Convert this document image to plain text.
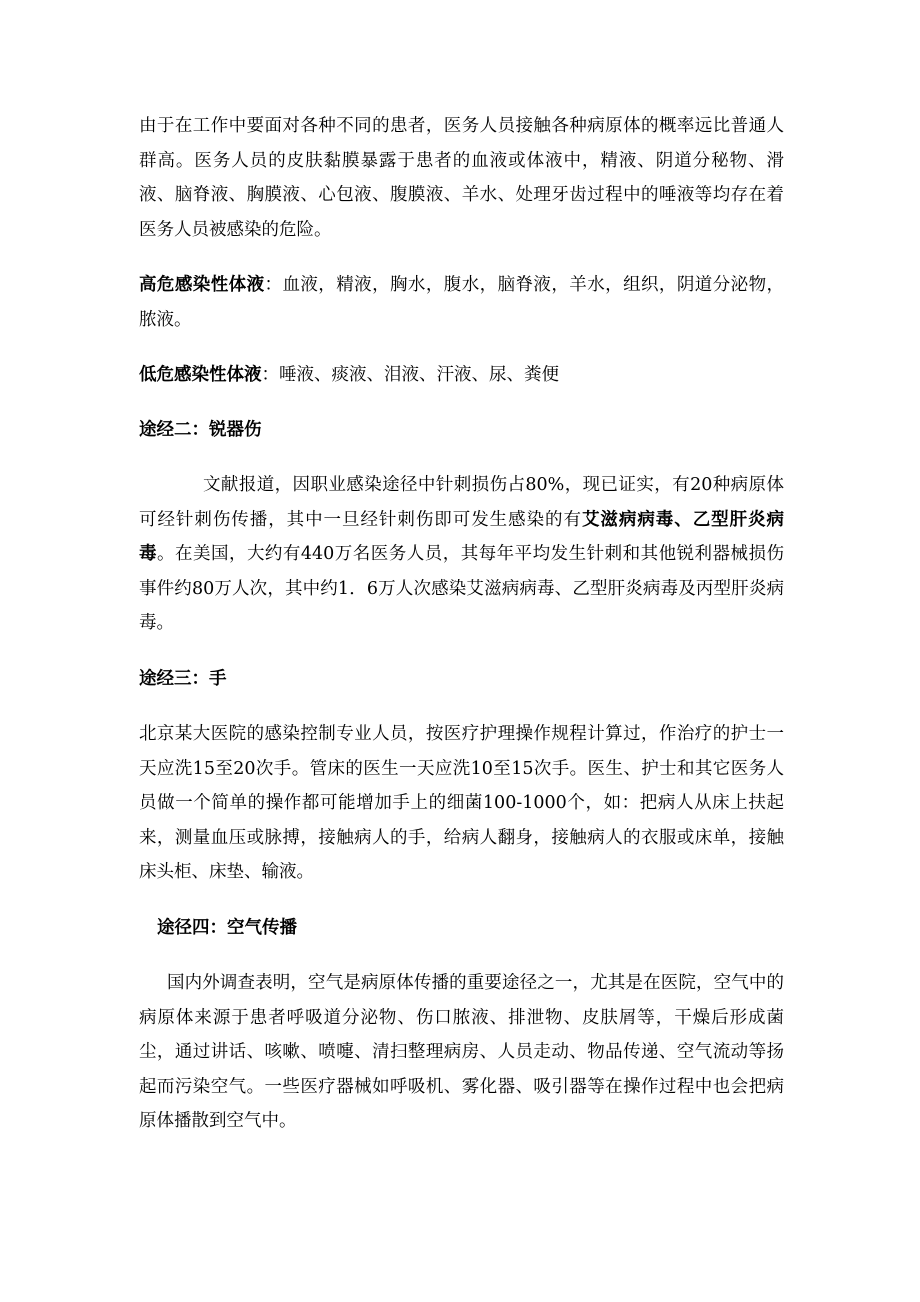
由于在工作中要面对各种不同的患者，医务人员接触各种病原体的概率远比普通人群高。医务人员的皮肤黏膜暴露于患者的血液或体液中，精液、阴道分秘物、滑液、脑脊液、胸膜液、心包液、腹膜液、羊水、处理牙齿过程中的唾液等均存在着医务人员被感染的危险。

高危感染性体液：血液，精液，胸水，腹水，脑脊液，羊水，组织，阴道分泌物，脓液。

低危感染性体液：唾液、痰液、泪液、汗液、尿、粪便

途经二：锐器伤

文献报道，因职业感染途径中针刺损伤占80%，现已证实，有20种病原体可经针刺伤传播，其中一旦经针刺伤即可发生感染的有艾滋病病毒、乙型肝炎病毒。在美国，大约有440万名医务人员，其每年平均发生针刺和其他锐利器械损伤事件约80万人次，其中约1．6万人次感染艾滋病病毒、乙型肝炎病毒及丙型肝炎病毒。

途经三：手

北京某大医院的感染控制专业人员，按医疗护理操作规程计算过，作治疗的护士一天应洗15至20次手。管床的医生一天应洗10至15次手。医生、护士和其它医务人员做一个简单的操作都可能增加手上的细菌100-1000个，如：把病人从床上扶起来，测量血压或脉搏，接触病人的手，给病人翻身，接触病人的衣服或床单，接触床头柜、床垫、输液。

途径四：空气传播

国内外调查表明，空气是病原体传播的重要途径之一，尤其是在医院，空气中的病原体来源于患者呼吸道分泌物、伤口脓液、排泄物、皮肤屑等，干燥后形成菌尘，通过讲话、咳嗽、喷嚏、清扫整理病房、人员走动、物品传递、空气流动等扬起而污染空气。一些医疗器械如呼吸机、雾化器、吸引器等在操作过程中也会把病原体播散到空气中。
